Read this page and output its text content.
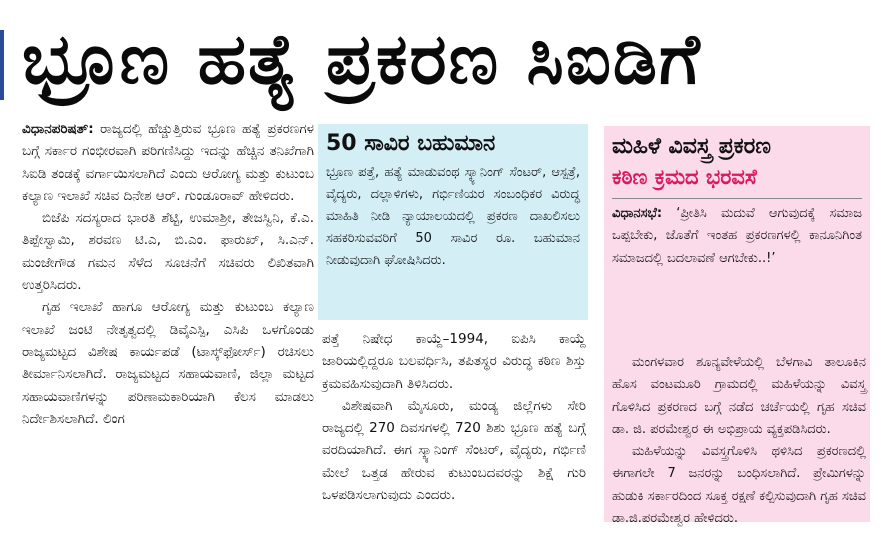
ಭ್ರೂಣ ಹತ್ಯೆ ಪ್ರಕರಣ ಸಿಐಡಿಗೆ

ವಿಧಾನಪರಿಷತ್: ರಾಜ್ಯದಲ್ಲಿ ಹೆಚ್ಚುತ್ತಿರುವ ಭ್ರೂಣ ಹತ್ಯೆ ಪ್ರಕರಣಗಳ ಬಗ್ಗೆ ಸರ್ಕಾರ ಗಂಭೀರವಾಗಿ ಪರಿಗಣಿಸಿದ್ದು ಇದನ್ನು ಹೆಚ್ಚಿನ ತನಿಖೆಗಾಗಿ ಸಿಐಡಿ ತಂಡಕ್ಕೆ ವರ್ಗಾಯಿಸಲಾಗಿದೆ ಎಂದು ಆರೋಗ್ಯ ಮತ್ತು ಕುಟುಂಬ ಕಲ್ಯಾಣ ಇಲಾಖೆ ಸಚಿವ ದಿನೇಶ ಆರ್. ಗುಂಡೂರಾವ್ ಹೇಳಿದರು.

ಬಿಜೆಪಿ ಸದಸ್ಯರಾದ ಭಾರತಿ ಶೆಟ್ಟಿ, ಉಮಾಶ್ರೀ, ತೇಜಸ್ವಿನಿ, ಕೆ.ಎ. ತಿಪ್ಪೇಸ್ವಾಮಿ, ಶರವಣ ಟಿ.ಎ, ಬಿ.ಎಂ. ಫಾರುಖ್, ಸಿ.ಎನ್. ಮಂಜೇಗೌಡ ಗಮನ ಸೆಳೆದ ಸೂಚನೆಗೆ ಸಚಿವರು ಲಿಖಿತವಾಗಿ ಉತ್ತರಿಸಿದರು.

ಗೃಹ ಇಲಾಖೆ ಹಾಗೂ ಆರೋಗ್ಯ ಮತ್ತು ಕುಟುಂಬ ಕಲ್ಯಾಣ ಇಲಾಖೆ ಜಂಟಿ ನೇತೃತ್ವದಲ್ಲಿ ಡಿವೈಎಸ್ಪಿ, ಎಸಿಪಿ ಒಳಗೊಂಡು ರಾಜ್ಯಮಟ್ಟದ ವಿಶೇಷ ಕಾರ್ಯಪಡೆ (ಟಾಸ್ಕ್‌ಫೋರ್ಸ್) ರಚಿಸಲು ತೀರ್ಮಾನಿಸಲಾಗಿದೆ. ರಾಜ್ಯಮಟ್ಟದ ಸಹಾಯವಾಣಿ, ಜಿಲ್ಲಾ ಮಟ್ಟದ ಸಹಾಯವಾಣಿಗಳನ್ನು ಪರಿಣಾಮಕಾರಿಯಾಗಿ ಕೆಲಸ ಮಾಡಲು ನಿರ್ದೇಶಿಸಲಾಗಿದೆ. ಲಿಂಗ

50 ಸಾವಿರ ಬಹುಮಾನ
ಭ್ರೂಣ ಪತ್ತೆ, ಹತ್ಯೆ ಮಾಡುವಂಥ ಸ್ಕ್ಯಾನಿಂಗ್ ಸೆಂಟರ್, ಆಸ್ಪತ್ರೆ, ವೈದ್ಯರು, ದಲ್ಲಾಳಿಗಳು, ಗರ್ಭಿಣಿಯರ ಸಂಬಂಧಿಕರ ವಿರುದ್ಧ ಮಾಹಿತಿ ನೀಡಿ ನ್ಯಾಯಾಲಯದಲ್ಲಿ ಪ್ರಕರಣ ದಾಖಲಿಸಲು ಸಹಕರಿಸುವವರಿಗೆ 50 ಸಾವಿರ ರೂ. ಬಹುಮಾನ ನೀಡುವುದಾಗಿ ಘೋಷಿಸಿದರು.

ಪತ್ತೆ ನಿಷೇಧ ಕಾಯ್ದೆ–1994, ಐಪಿಸಿ ಕಾಯ್ದೆ ಜಾರಿಯಲ್ಲಿದ್ದರೂ ಬಲವರ್ಧಿಸಿ, ತಪಿತಸ್ಥರ ವಿರುದ್ಧ ಕಠಿಣ ಶಿಸ್ತು ಕ್ರಮವಹಿಸುವುದಾಗಿ ತಿಳಿಸಿದರು.

ವಿಶೇಷವಾಗಿ ಮೈಸೂರು, ಮಂಡ್ಯ ಜಿಲ್ಲೆಗಳು ಸೇರಿ ರಾಜ್ಯದಲ್ಲಿ 270 ದಿವಸಗಳಲ್ಲಿ 720 ಶಿಶು ಭ್ರೂಣ ಹತ್ಯೆ ಬಗ್ಗೆ ವರದಿಯಾಗಿದೆ. ಈಗ ಸ್ಕ್ಯಾನಿಂಗ್ ಸೆಂಟರ್, ವೈದ್ಯರು, ಗರ್ಭಿಣಿ ಮೇಲೆ ಒತ್ತಡ ಹೇರುವ ಕುಟುಂಬದವರನ್ನು ಶಿಕ್ಷೆ ಗುರಿ ಒಳಪಡಿಸಲಾಗುವುದು ಎಂದರು.

ಮಹಿಳೆ ವಿವಸ್ತ್ರ ಪ್ರಕರಣ
ಕಠಿಣ ಕ್ರಮದ ಭರವಸೆ
ವಿಧಾನಸಭೆ: ‘ಪ್ರೀತಿಸಿ ಮದುವೆ ಆಗುವುದಕ್ಕೆ ಸಮಾಜ ಒಪ್ಪಬೇಕು, ಜೊತೆಗೆ ಇಂತಹ ಪ್ರಕರಣಗಳಲ್ಲಿ ಕಾನೂನಿಗಿಂತ ಸಮಾಜದಲ್ಲಿ ಬದಲಾವಣೆ ಆಗಬೇಕು..!’

ಮಂಗಳವಾರ ಶೂನ್ಯವೇಳೆಯಲ್ಲಿ ಬೆಳಗಾವಿ ತಾಲೂಕಿನ ಹೊಸ ವಂಟಮೂರಿ ಗ್ರಾಮದಲ್ಲಿ ಮಹಿಳೆಯನ್ನು ವಿವಸ್ತ್ರ ಗೊಳಿಸಿದ ಪ್ರಕರಣದ ಬಗ್ಗೆ ನಡೆದ ಚರ್ಚೆಯಲ್ಲಿ ಗೃಹ ಸಚಿವ ಡಾ. ಜಿ. ಪರಮೇಶ್ವರ ಈ ಅಭಿಪ್ರಾಯ ವ್ಯಕ್ತಪಡಿಸಿದರು.

ಮಹಿಳೆಯನ್ನು ವಿವಸ್ತ್ರಗೊಳಿಸಿ ಥಳಿಸಿದ ಪ್ರಕರಣದಲ್ಲಿ ಈಗಾಗಲೇ 7 ಜನರನ್ನು ಬಂಧಿಸಲಾಗಿದೆ. ಪ್ರೇಮಿಗಳನ್ನು ಹುಡುಕಿ ಸರ್ಕಾರದಿಂದ ಸೂಕ್ತ ರಕ್ಷಣೆ ಕಲ್ಪಿಸುವುದಾಗಿ ಗೃಹ ಸಚಿವ ಡಾ.ಜಿ.ಪರಮೇಶ್ವರ ಹೇಳಿದರು.
